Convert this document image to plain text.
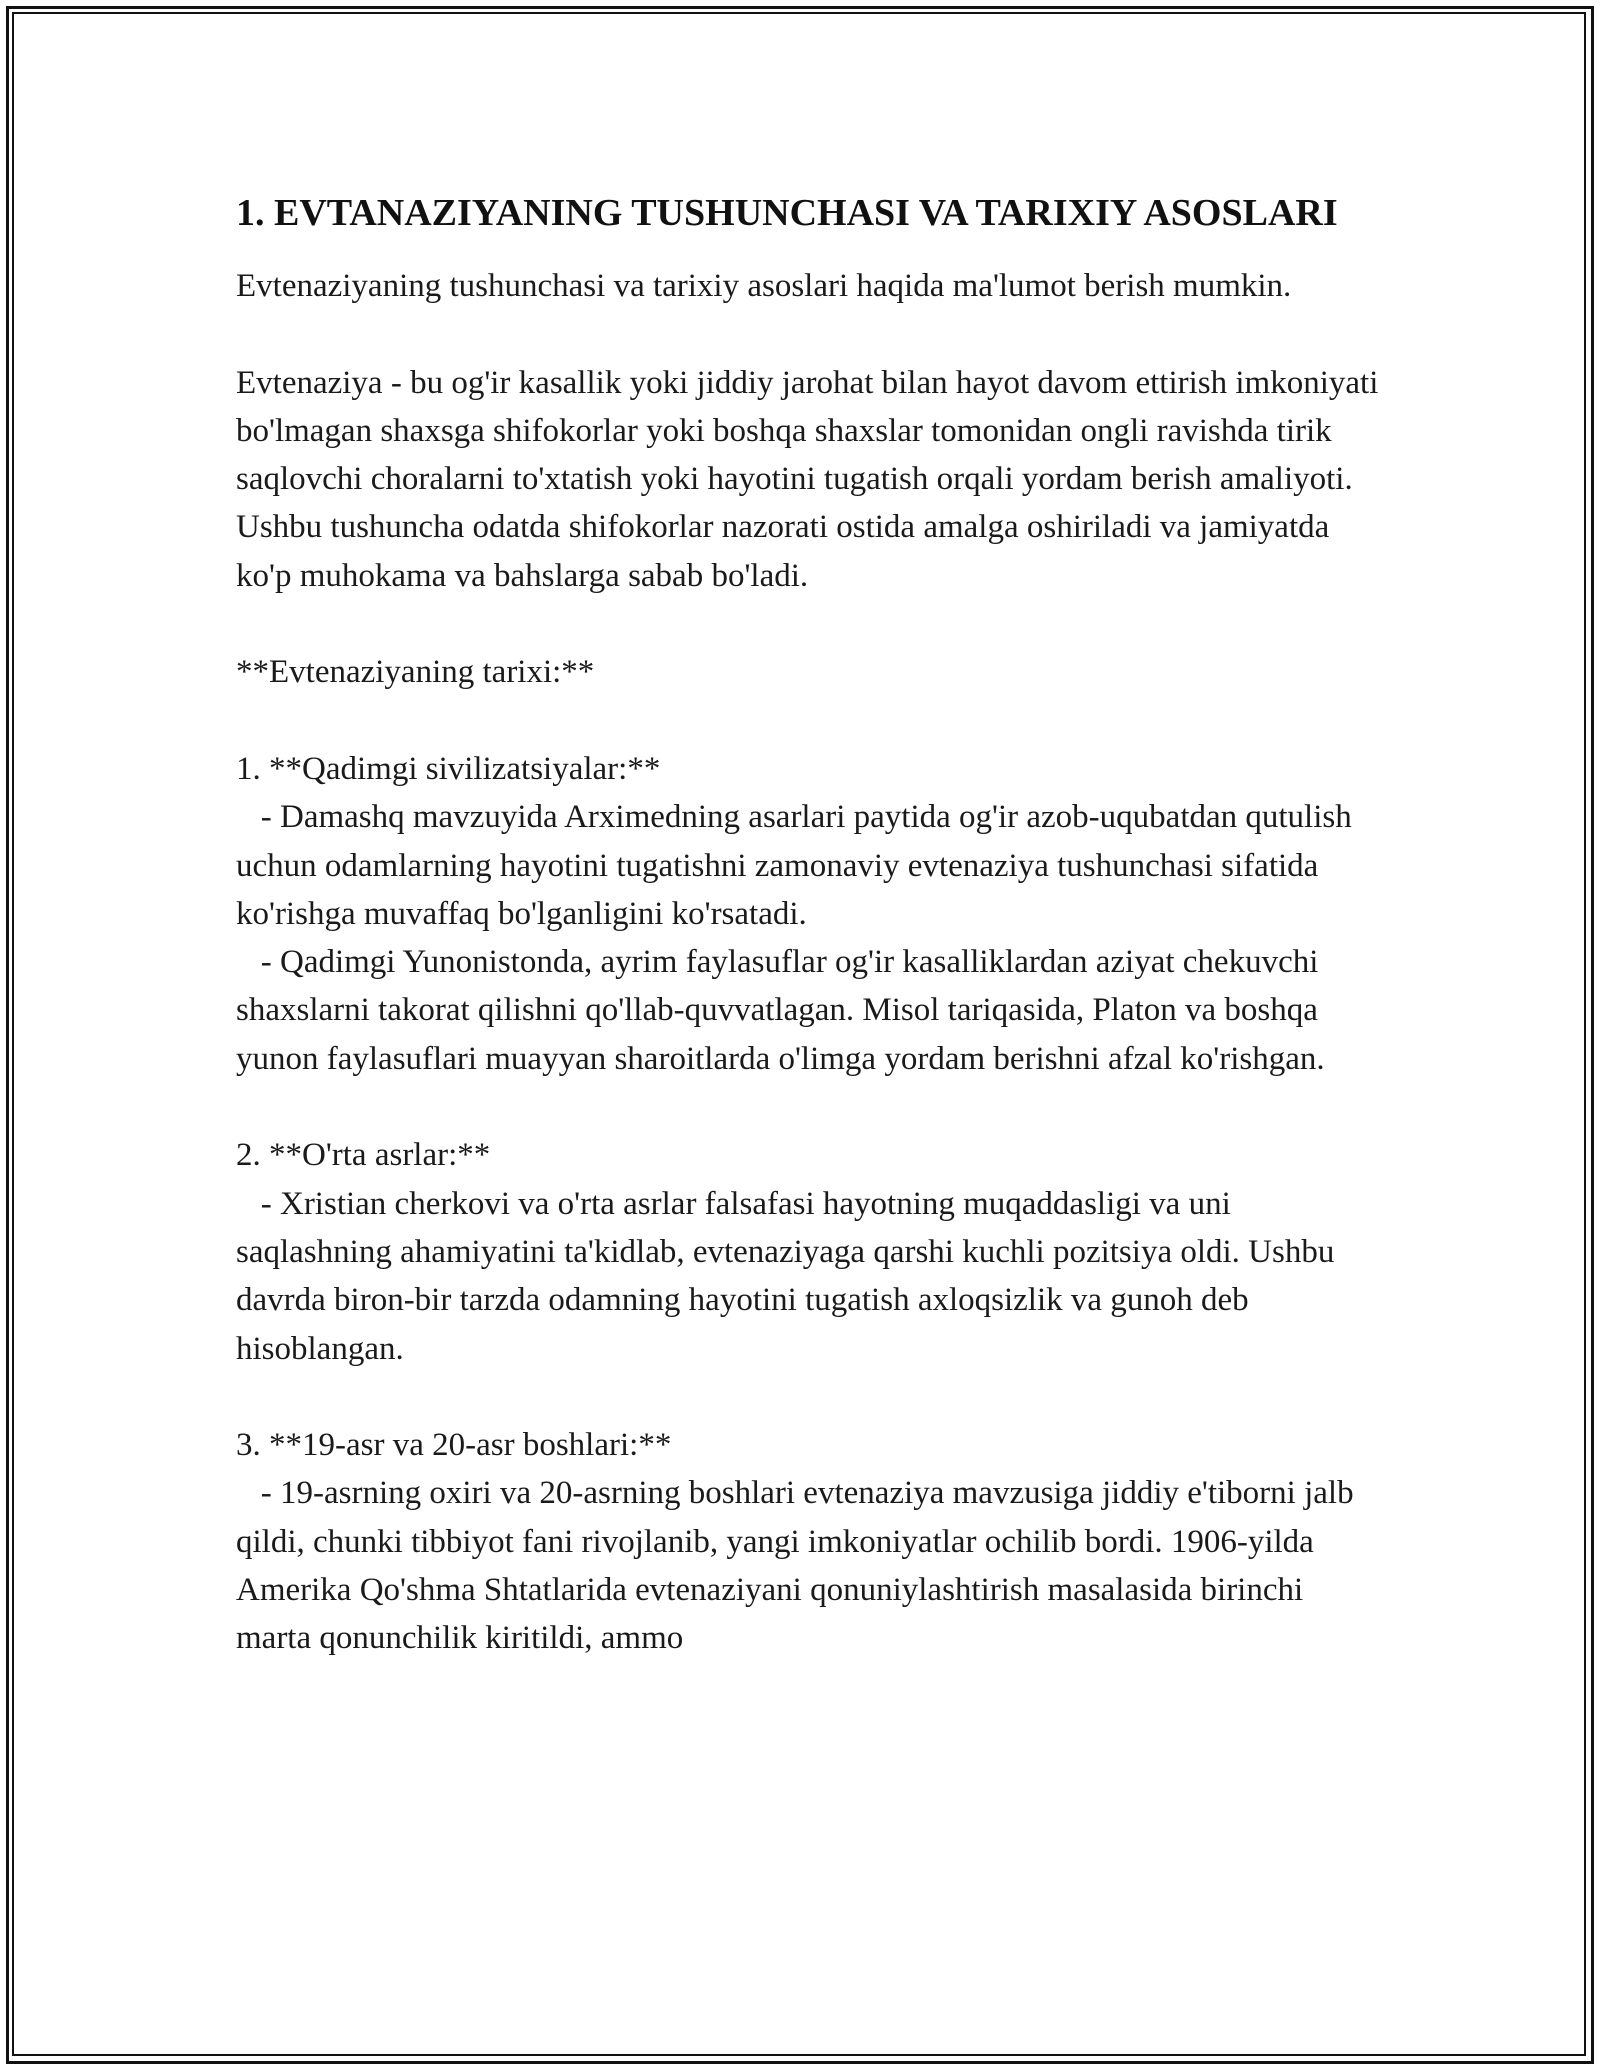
1. EVTANAZIYANING TUSHUNCHASI VA TARIXIY ASOSLARI

Evtenaziyaning tushunchasi va tarixiy asoslari haqida ma'lumot berish mumkin.

Evtenaziya - bu og'ir kasallik yoki jiddiy jarohat bilan hayot davom ettirish imkoniyati bo'lmagan shaxsga shifokorlar yoki boshqa shaxslar tomonidan ongli ravishda tirik saqlovchi choralarni to'xtatish yoki hayotini tugatish orqali yordam berish amaliyoti. Ushbu tushuncha odatda shifokorlar nazorati ostida amalga oshiriladi va jamiyatda ko'p muhokama va bahslarga sabab bo'ladi.

**Evtenaziyaning tarixi:**

1. **Qadimgi sivilizatsiyalar:**

- Damashq mavzuyida Arximedning asarlari paytida og'ir azob-uqubatdan qutulish uchun odamlarning hayotini tugatishni zamonaviy evtenaziya tushunchasi sifatida ko'rishga muvaffaq bo'lganligini ko'rsatadi.

- Qadimgi Yunonistonda, ayrim faylasuflar og'ir kasalliklardan aziyat chekuvchi shaxslarni takorat qilishni qo'llab-quvvatlagan. Misol tariqasida, Platon va boshqa yunon faylasuflari muayyan sharoitlarda o'limga yordam berishni afzal ko'rishgan.

2. **O'rta asrlar:**

- Xristian cherkovi va o'rta asrlar falsafasi hayotning muqaddasligi va uni saqlashning ahamiyatini ta'kidlab, evtenaziyaga qarshi kuchli pozitsiya oldi. Ushbu davrda biron-bir tarzda odamning hayotini tugatish axloqsizlik va gunoh deb hisoblangan.

3. **19-asr va 20-asr boshlari:**

- 19-asrning oxiri va 20-asrning boshlari evtenaziya mavzusiga jiddiy e'tiborni jalb qildi, chunki tibbiyot fani rivojlanib, yangi imkoniyatlar ochilib bordi. 1906-yilda Amerika Qo'shma Shtatlarida evtenaziyani qonuniylashtirish masalasida birinchi marta qonunchilik kiritildi, ammo
